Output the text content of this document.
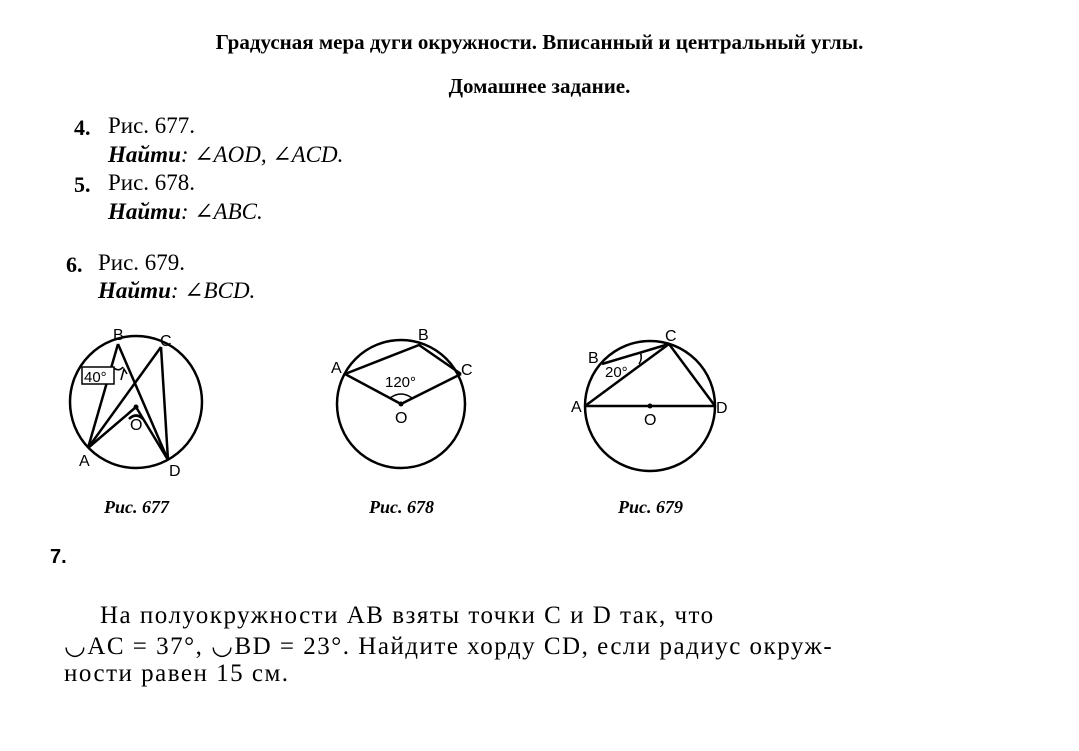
Градусная мера дуги окружности. Вписанный и центральный углы.
Домашнее задание.
4. Рис. 677.
Найти: ∠AOD, ∠ACD.
5. Рис. 678.
Найти: ∠ABC.
6. Рис. 679.
Найти: ∠BCD.
40°
B C
A
D
O
Рис. 677
120°
A
B
C
O
Рис. 678
20°
A
B
C
D
O
Рис. 679
7.
На полуокружности AB взяты точки C и D так, что
◡AC = 37°, ◡BD = 23°. Найдите хорду CD, если радиус окруж-
ности равен 15 см.
